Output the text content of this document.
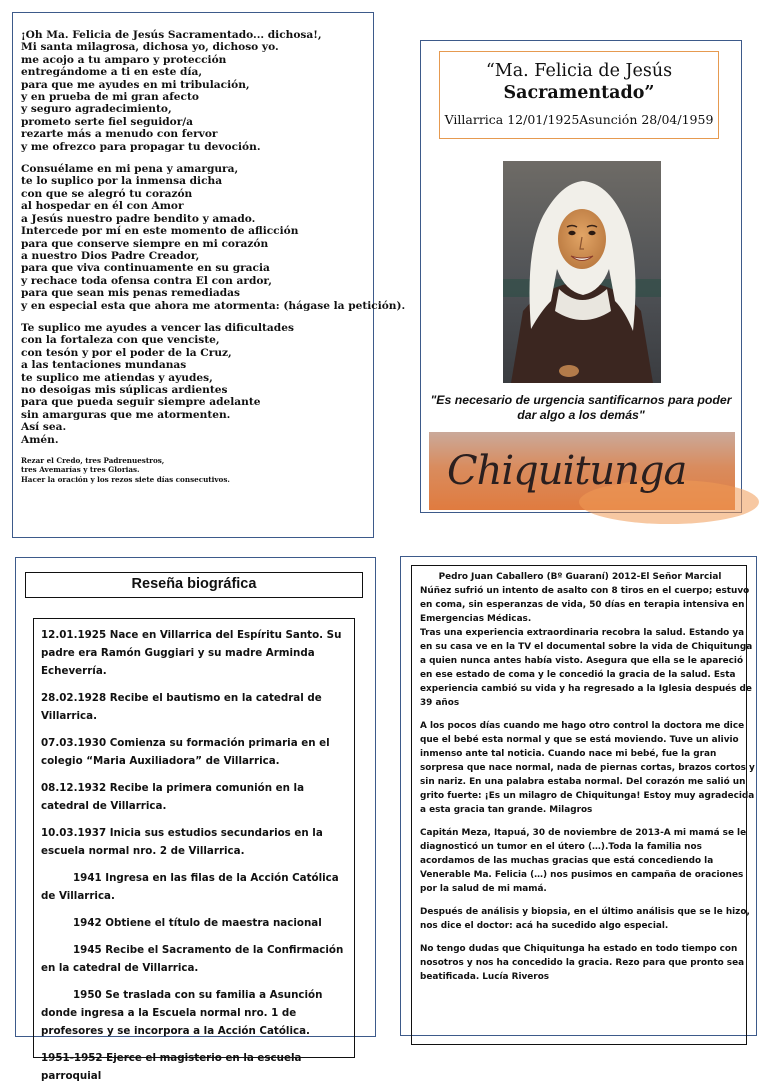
¡Oh Ma. Felicia de Jesús Sacramentado... dichosa!,
Mi santa milagrosa, dichosa yo, dichoso yo.
me acojo a tu amparo y protección
entregándome a ti en este día,
para que me ayudes en mi tribulación,
y en prueba de mi gran afecto
y seguro agradecimiento,
prometo serte fiel seguidor/a
rezarte más a menudo con fervor
y me ofrezco para propagar tu devoción.
Consuélame en mi pena y amargura,
te lo suplico por la inmensa dicha
con que se alegró tu corazón
al hospedar en él con Amor
a Jesús nuestro padre bendito y amado.
Intercede por mí en este momento de aflicción
para que conserve siempre en mi corazón
a nuestro Dios Padre Creador,
para que viva continuamente en su gracia
y rechace toda ofensa contra El con ardor,
para que sean mis penas remediadas
y en especial esta que ahora me atormenta: (hágase la petición).
Te suplico me ayudes a vencer las dificultades
con la fortaleza con que venciste,
con tesón y por el poder de la Cruz,
a las tentaciones mundanas
te suplico me atiendas y ayudes,
no desoigas mis súplicas ardientes
para que pueda seguir siempre adelante
sin amarguras que me atormenten.
Así sea.
Amén.
Rezar el Credo, tres Padrenuestros,
tres Avemarías y tres Glorias.
Hacer la oración y los rezos siete días consecutivos.
“Ma. Felicia de Jesús
Sacramentado”
Villarrica 12/01/1925Asunción 28/04/1959
"Es necesario de urgencia santificarnos para poder
dar algo a los demás"
Chiquitunga
Reseña biográfica
12.01.1925 Nace en Villarrica del Espíritu Santo. Su padre era Ramón Guggiari y su madre Arminda Echeverría.
28.02.1928 Recibe el bautismo en la catedral de Villarrica.
07.03.1930 Comienza su formación primaria en el colegio “Maria Auxiliadora” de Villarrica.
08.12.1932 Recibe la primera comunión en la catedral de Villarrica.
10.03.1937 Inicia sus estudios secundarios en la escuela normal nro. 2 de Villarrica.
1941 Ingresa en las filas de la Acción Católica de Villarrica.
1942 Obtiene el título de maestra nacional
1945 Recibe el Sacramento de la Confirmación en la catedral de Villarrica.
1950 Se traslada con su familia a Asunción donde ingresa a la Escuela normal nro. 1 de profesores y se incorpora a la Acción Católica.
1951-1952 Ejerce el magisterio en la escuela parroquial
Pedro Juan Caballero (Bº Guaraní) 2012-El Señor Marcial
Núñez sufrió un intento de asalto con 8 tiros en el cuerpo; estuvo
en coma, sin esperanzas de vida, 50 días en terapia intensiva en
Emergencias Médicas.
Tras una experiencia extraordinaria recobra la salud. Estando ya
en su casa ve en la TV el documental sobre la vida de Chiquitunga
a quien nunca antes había visto. Asegura que ella se le apareció
en ese estado de coma y le concedió la gracia de la salud. Esta
experiencia cambió su vida y ha regresado a la Iglesia después de
39 años
A los pocos días cuando me hago otro control la doctora me dice
que el bebé esta normal y que se está moviendo. Tuve un alivio
inmenso ante tal noticia. Cuando nace mi bebé, fue la gran
sorpresa que nace normal, nada de piernas cortas, brazos cortos y
sin nariz. En una palabra estaba normal. Del corazón me salió un
grito fuerte: ¡Es un milagro de Chiquitunga! Estoy muy agradecida
a esta gracia tan grande. Milagros
Capitán Meza, Itapuá, 30 de noviembre de 2013-A mi mamá se le
diagnosticó un tumor en el útero (…).Toda la familia nos
acordamos de las muchas gracias que está concediendo la
Venerable Ma. Felicia (…) nos pusimos en campaña de oraciones
por la salud de mi mamá.
Después de análisis y biopsia, en el último análisis que se le hizo,
nos dice el doctor: acá ha sucedido algo especial.
No tengo dudas que Chiquitunga ha estado en todo tiempo con
nosotros y nos ha concedido la gracia. Rezo para que pronto sea
beatificada. Lucía Riveros
